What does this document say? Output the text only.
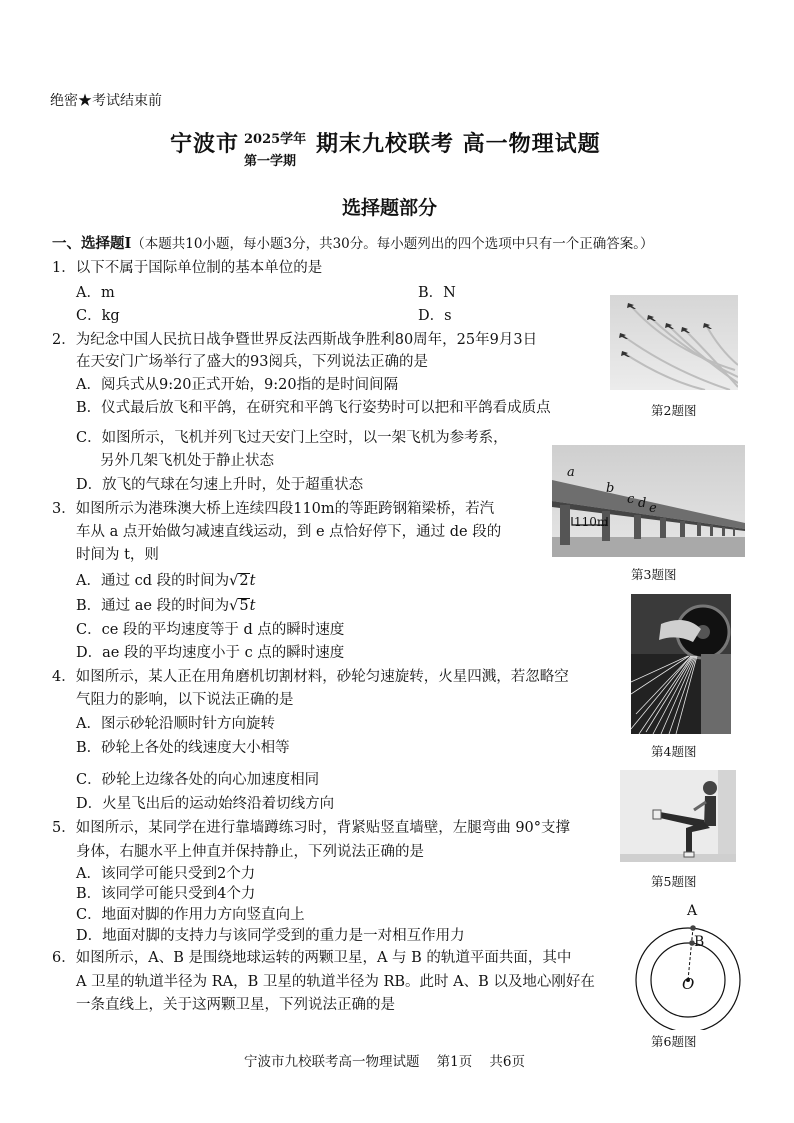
绝密★考试结束前
宁波市 2025学年
第一学期
期末九校联考 高一物理试题
选择题部分
一、选择题Ⅰ（本题共10小题，每小题3分，共30分。每小题列出的四个选项中只有一个正确答案。）
1．以下不属于国际单位制的基本单位的是
A．m	B．N
C．kg	D．s
2．为纪念中国人民抗日战争暨世界反法西斯战争胜利80周年，25年9月3日
在天安门广场举行了盛大的93阅兵，下列说法正确的是
A．阅兵式从9:20正式开始，9:20指的是时间间隔
B．仪式最后放飞和平鸽，在研究和平鸽飞行姿势时可以把和平鸽看成质点
C．如图所示，飞机并列飞过天安门上空时，以一架飞机为参考系，
另外几架飞机处于静止状态
D．放飞的气球在匀速上升时，处于超重状态
3．如图所示为港珠澳大桥上连续四段110m的等距跨钢箱梁桥，若汽
车从 a 点开始做匀减速直线运动，到 e 点恰好停下，通过 de 段的
时间为 t，则
A．通过 cd 段的时间为√2t
B．通过 ae 段的时间为√5t
C．ce 段的平均速度等于 d 点的瞬时速度
D．ae 段的平均速度小于 c 点的瞬时速度
4．如图所示，某人正在用角磨机切割材料，砂轮匀速旋转，火星四溅，若忽略空
气阻力的影响，以下说法正确的是
A．图示砂轮沿顺时针方向旋转
B．砂轮上各处的线速度大小相等
C．砂轮上边缘各处的向心加速度相同
D．火星飞出后的运动始终沿着切线方向
5．如图所示，某同学在进行靠墙蹲练习时，背紧贴竖直墙壁，左腿弯曲 90°支撑
身体，右腿水平上伸直并保持静止，下列说法正确的是
A．该同学可能只受到2个力
B．该同学可能只受到4个力
C．地面对脚的作用力方向竖直向上
D．地面对脚的支持力与该同学受到的重力是一对相互作用力
6．如图所示，A、B 是围绕地球运转的两颗卫星，A 与 B 的轨道平面共面，其中
A 卫星的轨道半径为 RA，B 卫星的轨道半径为 RB。此时 A、B 以及地心刚好在
一条直线上，关于这两颗卫星，下列说法正确的是
第2题图
a
b
c d e
110m
第3题图
第4题图
第5题图
A
B
O
第6题图
宁波市九校联考高一物理试题    第1页    共6页
